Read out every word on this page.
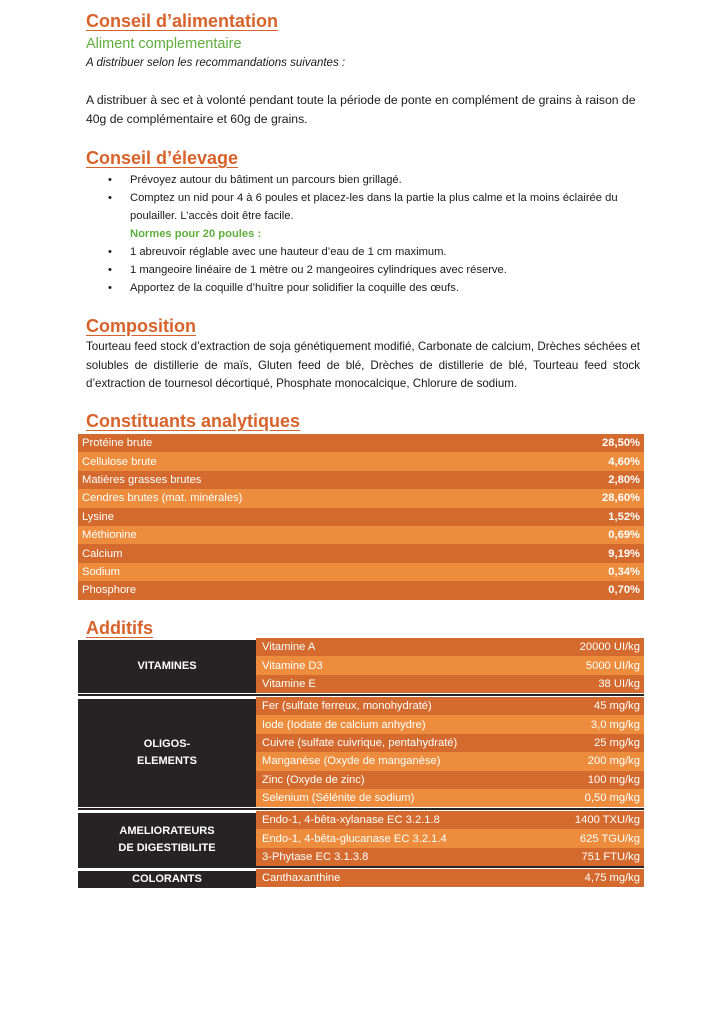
Conseil d’alimentation

Aliment complementaire

A distribuer selon les recommandations suivantes :

A distribuer à sec et à volonté pendant toute la période de ponte en complément de grains à raison de 40g de complémentaire et 60g de grains.

Conseil d’élevage
• Prévoyez autour du bâtiment un parcours bien grillagé.
• Comptez un nid pour 4 à 6 poules et placez-les dans la partie la plus calme et la moins éclairée du poulailler. L’accès doit être facile.
Normes pour 20 poules :
• 1 abreuvoir réglable avec une hauteur d’eau de 1 cm maximum.
• 1 mangeoire linéaire de 1 mètre ou 2 mangeoires cylindriques avec réserve.
• Apportez de la coquille d’huître pour solidifier la coquille des œufs.
Composition

Tourteau feed stock d’extraction de soja génétiquement modifié, Carbonate de calcium, Drèches séchées et solubles de distillerie de maïs, Gluten feed de blé, Drèches de distillerie de blé, Tourteau feed stock d’extraction de tournesol décortiqué, Phosphate monocalcique, Chlorure de sodium.

Constituants analytiques
Protéine brute	28,50%
Cellulose brute	4,60%
Matières grasses brutes	2,80%
Cendres brutes (mat. minérales)	28,60%
Lysine	1,52%
Méthionine	0,69%
Calcium	9,19%
Sodium	0,34%
Phosphore	0,70%
Additifs
VITAMINES
Vitamine A	20000 UI/kg
Vitamine D3	5000 UI/kg
Vitamine E	38 UI/kg
OLIGOS-
ELEMENTS
Fer (sulfate ferreux, monohydraté)	45 mg/kg
Iode (Iodate de calcium anhydre)	3,0 mg/kg
Cuivre (sulfate cuivrique, pentahydraté)	25 mg/kg
Manganèse (Oxyde de manganèse)	200 mg/kg
Zinc (Oxyde de zinc)	100 mg/kg
Selenium (Sélénite de sodium)	0,50 mg/kg
AMELIORATEURS
DE DIGESTIBILITE
Endo-1, 4-bêta-xylanase EC 3.2.1.8	1400 TXU/kg
Endo-1, 4-bêta-glucanase EC 3.2.1.4	625 TGU/kg
3-Phytase EC 3.1.3.8	751 FTU/kg
COLORANTS	Canthaxanthine	4,75 mg/kg
